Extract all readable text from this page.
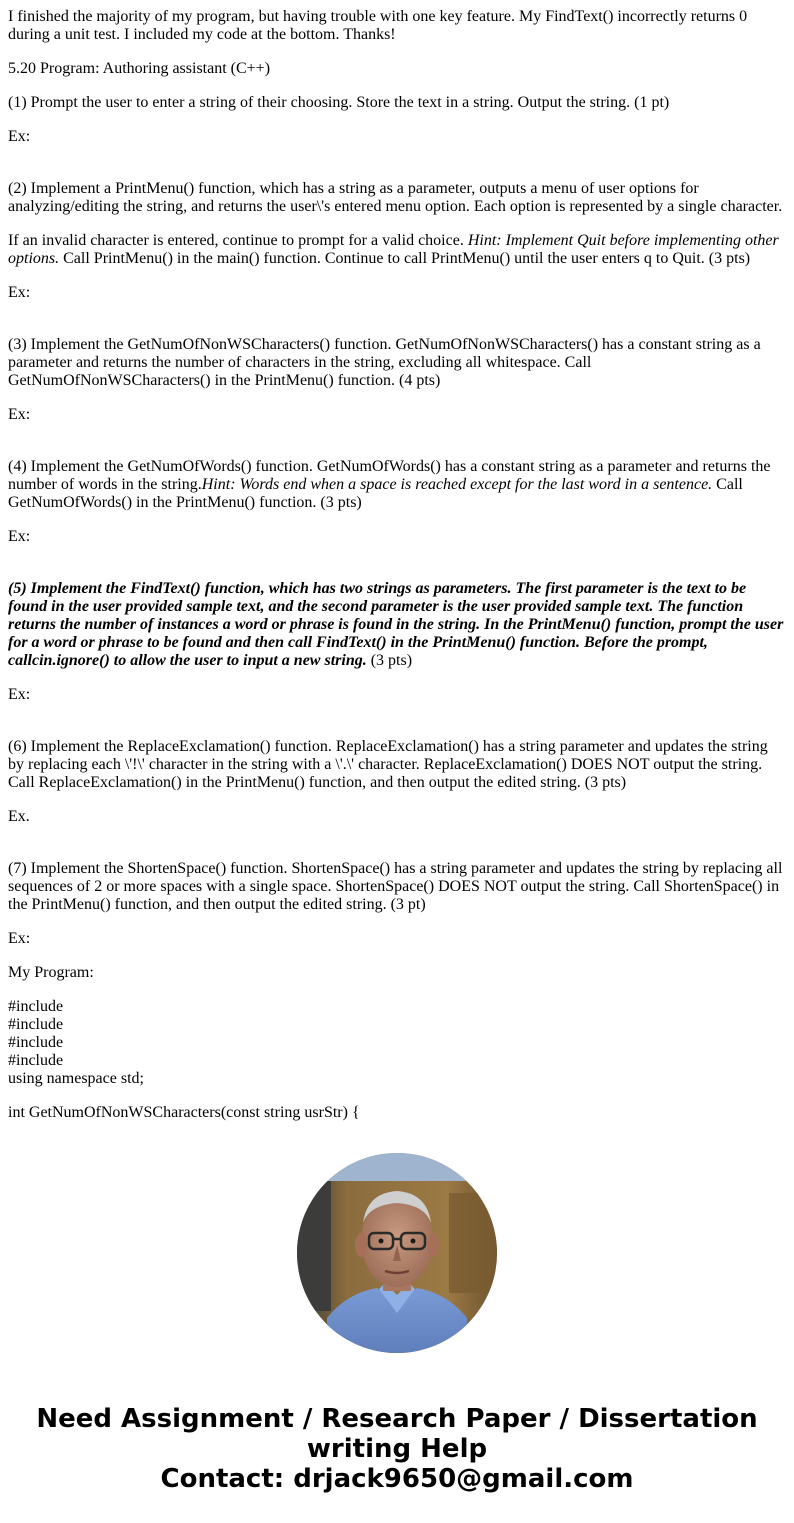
I finished the majority of my program, but having trouble with one key feature. My FindText() incorrectly returns 0 during a unit test. I included my code at the bottom. Thanks!

5.20 Program: Authoring assistant (C++)

(1) Prompt the user to enter a string of their choosing. Store the text in a string. Output the string. (1 pt)

Ex:

(2) Implement a PrintMenu() function, which has a string as a parameter, outputs a menu of user options for analyzing/editing the string, and returns the user\'s entered menu option. Each option is represented by a single character.

If an invalid character is entered, continue to prompt for a valid choice. Hint: Implement Quit before implementing other options. Call PrintMenu() in the main() function. Continue to call PrintMenu() until the user enters q to Quit. (3 pts)

Ex:

(3) Implement the GetNumOfNonWSCharacters() function. GetNumOfNonWSCharacters() has a constant string as a parameter and returns the number of characters in the string, excluding all whitespace. Call GetNumOfNonWSCharacters() in the PrintMenu() function. (4 pts)

Ex:

(4) Implement the GetNumOfWords() function. GetNumOfWords() has a constant string as a parameter and returns the number of words in the string.Hint: Words end when a space is reached except for the last word in a sentence. Call GetNumOfWords() in the PrintMenu() function. (3 pts)

Ex:

(5) Implement the FindText() function, which has two strings as parameters. The first parameter is the text to be found in the user provided sample text, and the second parameter is the user provided sample text. The function returns the number of instances a word or phrase is found in the string. In the PrintMenu() function, prompt the user for a word or phrase to be found and then call FindText() in the PrintMenu() function. Before the prompt, callcin.ignore() to allow the user to input a new string. (3 pts)

Ex:

(6) Implement the ReplaceExclamation() function. ReplaceExclamation() has a string parameter and updates the string by replacing each \'!\' character in the string with a \'.\' character. ReplaceExclamation() DOES NOT output the string. Call ReplaceExclamation() in the PrintMenu() function, and then output the edited string. (3 pts)

Ex.

(7) Implement the ShortenSpace() function. ShortenSpace() has a string parameter and updates the string by replacing all sequences of 2 or more spaces with a single space. ShortenSpace() DOES NOT output the string. Call ShortenSpace() in the PrintMenu() function, and then output the edited string. (3 pt)

Ex:

My Program:

#include
#include
#include
#include
using namespace std;
int GetNumOfNonWSCharacters(const string usrStr) {
Need Assignment / Research Paper / Dissertation
writing Help
Contact: drjack9650@gmail.com
